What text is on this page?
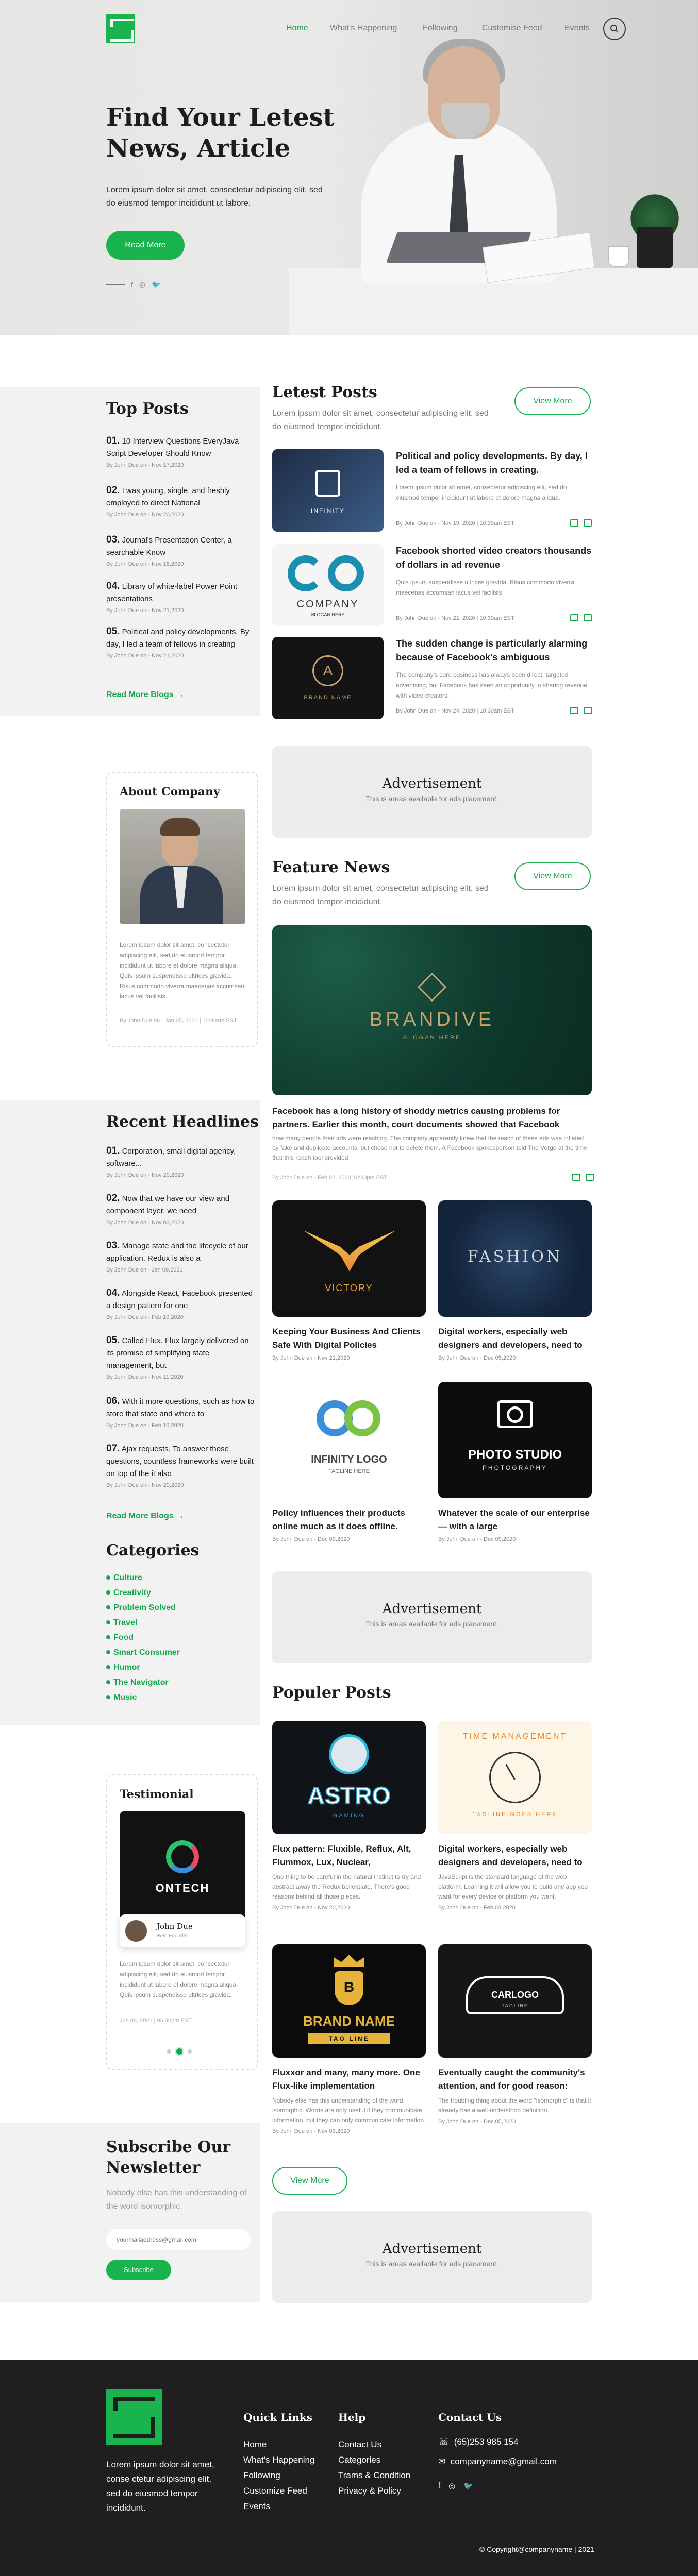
Home	What's Happening	Following	Customise Feed	Events
Find Your Letest News, Article

Lorem ipsum dolor sit amet, consectetur adipiscing elit, sed do eiusmod tempor incididunt ut labore.

Read More
f ◎ 🐦
Top Posts
01. 10 Interview Questions EveryJava Script Developer Should Know
By John Due on - Nov 17,2020
02. I was young, single, and freshly employed to direct National
By John Due on - Nov 20,2020
03. Journal's Presentation Center, a searchable Know
By John Due on - Nov 16,2020
04. Library of white-label Power Point presentations
By John Due on - Nov 21,2020
05. Political and policy developments. By day, I led a team of fellows in creating
By John Due on - Nov 21,2020
Read More Blogs →
Letest Posts

Lorem ipsum dolor sit amet, consectetur adipiscing elit, sed do eiusmod tempor incididunt.

View More
INFINITY
Political and policy developments. By day, I led a team of fellows in creating.
Lorem ipsum dolor sit amet, consectetur adipiscing elit, sed do eiusmod tempor incididunt ut labore et dolore magna aliqua.
By John Due on - Nov 19, 2020 | 10:30am EST
COMPANY
SLOGAN HERE
Facebook shorted video creators thousands of dollars in ad revenue
Quis ipsum suspendisse ultrices gravida. Risus commodo viverra maecenas accumsan lacus vel facilisis.
By John Due on - Nov 21, 2020 | 10:30am EST
A
BRAND NAME
The sudden change is particularly alarming because of Facebook's ambiguous
The company's core business has always been direct, targeted advertising, but Facebook has seen an opportunity in sharing revenue with video creators.
By John Due on - Nov 24, 2020 | 10:30am EST
About Company

Lorem ipsum dolor sit amet, consectetur adipiscing elit, sed do eiusmod tempor incididunt ut labore et dolore magna aliqua. Quis ipsum suspendisse ultrices gravida. Risus commodo viverra maecenas accumsan lacus vel facilisis.

By John Due on - Jan 05, 2021 | 10:30am EST
Advertisement
This is areas available for ads placement.
Feature News

Lorem ipsum dolor sit amet, consectetur adipiscing elit, sed do eiusmod tempor incididunt.

View More
BRANDIVE
SLOGAN HERE
Facebook has a long history of shoddy metrics causing problems for partners. Earlier this month, court documents showed that Facebook
how many people their ads were reaching. The company apparently knew that the reach of these ads was inflated by fake and duplicate accounts, but chose not to delete them. A Facebook spokesperson told The Verge at the time that this reach tool provided
By John Due on - Feb 02, 2020 10:30pm EST
VICTORY
Keeping Your Business And Clients Safe With Digital Policies
By John Due on - Nov 21,2020
FASHION
Digital workers, especially web designers and developers, need to
By John Due on - Dec 05,2020
INFINITY LOGO
TAGLINE HERE
Policy influences their products online much as it does offline.
By John Due on - Dec 09,2020
PHOTO STUDIO
PHOTOGRAPHY
Whatever the scale of our enterprise — with a large
By John Due on - Dec 09,2020
Recent Headlines
01. Corporation, small digital agency, software...
By John Due on - Nov 20,2020
02. Now that we have our view and component layer, we need
By John Due on - Nov 03,2020
03. Manage state and the lifecycle of our application. Redux is also a
By John Due on - Jan 09,2021
04. Alongside React, Facebook presented a design pattern for one
By John Due on - Feb 10,2020
05. Called Flux. Flux largely delivered on its promise of simplifying state management, but
By John Due on - Nov 11,2020
06. With it more questions, such as how to store that state and where to
By John Due on - Feb 10,2020
07. Ajax requests. To answer those questions, countless frameworks were built on top of the it also
By John Due on - Nov 20,2020
Read More Blogs →
Categories
Culture
Creativity
Problem Solved
Travel
Food
Smart Consumer
Humor
The Navigator
Music
Advertisement
This is areas available for ads placement.
Populer Posts
ASTRO
GAMING
Flux pattern: Fluxible, Reflux, Alt, Flummox, Lux, Nuclear,
One thing to be careful in the natural instinct to try and abstract away the Redux boilerplate. There's good reasons behind all those pieces.
By John Due on - Nov 20,2020
TIME MANAGEMENT
TAGLINE GOES HERE
Digital workers, especially web designers and developers, need to
JavaScript is the standard language of the web platform. Learning it will allow you to build any app you want for every device or platform you want.
By John Due on - Feb 03,2020
B
BRAND NAME
TAG LINE
Fluxxor and many, many more. One Flux-like implementation
Nobody else has this understanding of the word isomorphic. Words are only useful if they communicate information, but they can only communicate information.
By John Due on - Nov 03,2020
CARLOGO
TAGLINE
Eventually caught the community's attention, and for good reason:
The troubling thing about the word "isomorphic" is that it already has a well-understood definition.
By John Due on - Dec 05,2020
View More
Testimonial
ONTECH
John Due
Web Founder

Lorem ipsum dolor sit amet, consectetur adipiscing elit, sed do eiusmod tempor incididunt ut labore et dolore magna aliqua. Quis ipsum suspendisse ultrices gravida.

Jun 08, 2021 | 06:30pm EST
Subscribe Our Newsletter

Nobody else has this understanding of the word isomorphic.

yourmailaddress@gmail.com
Subscribe
Advertisement
This is areas available for ads placement.

Lorem ipsum dolor sit amet, conse ctetur adipiscing elit, sed do eiusmod tempor incididunt.

Quick Links
Home
What's Happening
Following
Customize Feed
Events
Help
Contact Us
Categories
Trams & Condition
Privacy & Policy
Contact Us
☏ (65)253 985 154
✉ companyname@gmail.com
f ◎ 🐦
© Copyright@companyname | 2021
